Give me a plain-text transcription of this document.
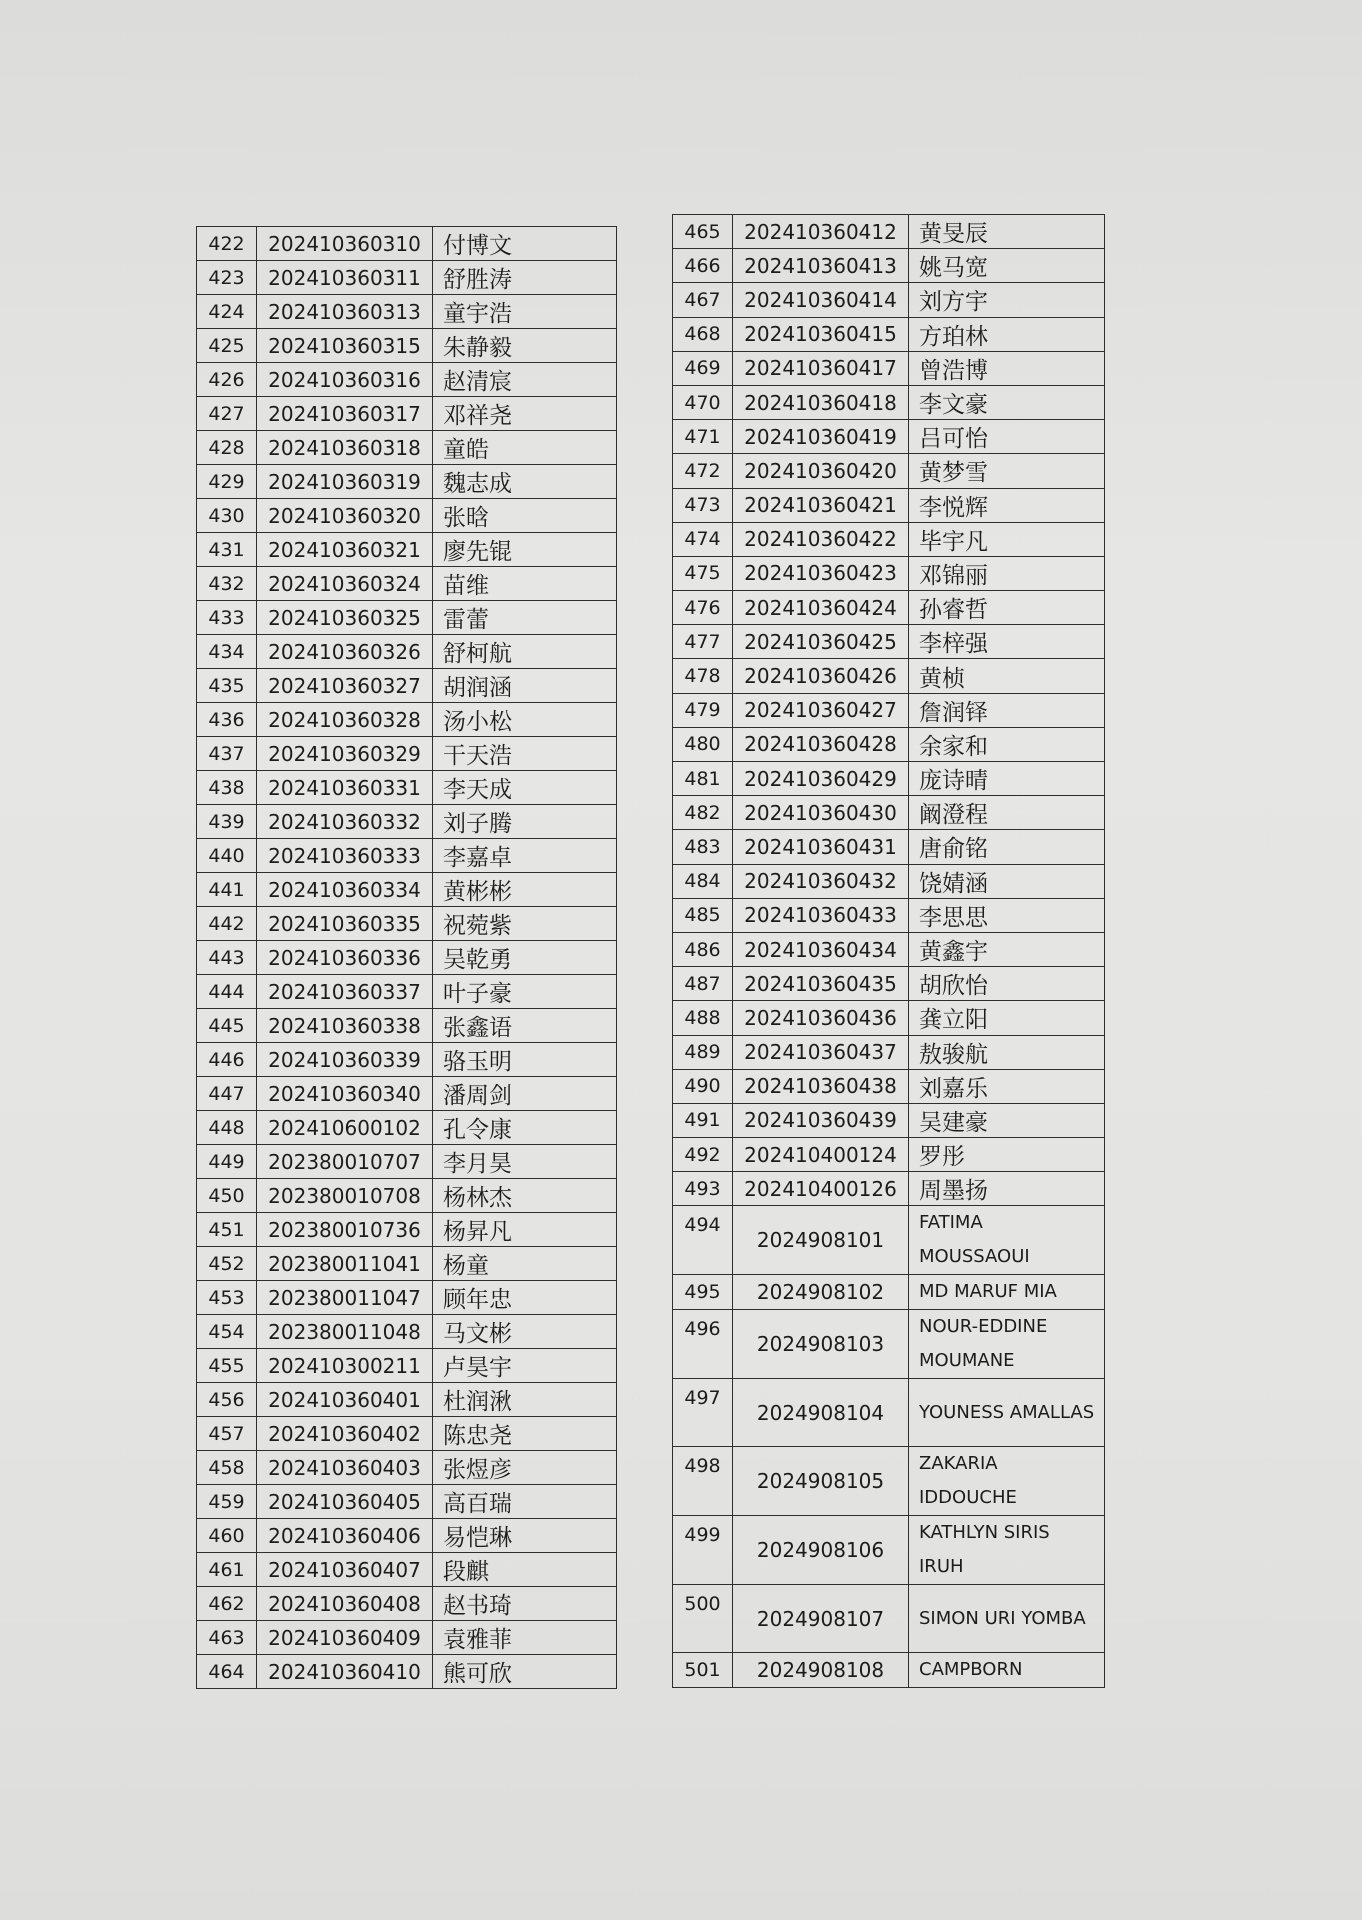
422	202410360310	付博文
423	202410360311	舒胜涛
424	202410360313	童宇浩
425	202410360315	朱静毅
426	202410360316	赵清宸
427	202410360317	邓祥尧
428	202410360318	童皓
429	202410360319	魏志成
430	202410360320	张晗
431	202410360321	廖先锟
432	202410360324	苗维
433	202410360325	雷蕾
434	202410360326	舒柯航
435	202410360327	胡润涵
436	202410360328	汤小松
437	202410360329	干天浩
438	202410360331	李天成
439	202410360332	刘子腾
440	202410360333	李嘉卓
441	202410360334	黄彬彬
442	202410360335	祝菀紫
443	202410360336	吴乾勇
444	202410360337	叶子豪
445	202410360338	张鑫语
446	202410360339	骆玉明
447	202410360340	潘周剑
448	202410600102	孔令康
449	202380010707	李月昊
450	202380010708	杨林杰
451	202380010736	杨昇凡
452	202380011041	杨童
453	202380011047	顾年忠
454	202380011048	马文彬
455	202410300211	卢昊宇
456	202410360401	杜润湫
457	202410360402	陈忠尧
458	202410360403	张煜彦
459	202410360405	高百瑞
460	202410360406	易恺琳
461	202410360407	段麒
462	202410360408	赵书琦
463	202410360409	袁雅菲
464	202410360410	熊可欣
465	202410360412	黄旻辰
466	202410360413	姚马宽
467	202410360414	刘方宇
468	202410360415	方珀林
469	202410360417	曾浩博
470	202410360418	李文豪
471	202410360419	吕可怡
472	202410360420	黄梦雪
473	202410360421	李悦辉
474	202410360422	毕宇凡
475	202410360423	邓锦丽
476	202410360424	孙睿哲
477	202410360425	李梓强
478	202410360426	黄桢
479	202410360427	詹润铎
480	202410360428	余家和
481	202410360429	庞诗晴
482	202410360430	阚澄程
483	202410360431	唐俞铭
484	202410360432	饶婧涵
485	202410360433	李思思
486	202410360434	黄鑫宇
487	202410360435	胡欣怡
488	202410360436	龚立阳
489	202410360437	敖骏航
490	202410360438	刘嘉乐
491	202410360439	吴建豪
492	202410400124	罗彤
493	202410400126	周墨扬
494	2024908101	FATIMA MOUSSAOUI
495	2024908102	MD MARUF MIA
496	2024908103	NOUR-EDDINE MOUMANE
497	2024908104	YOUNESS AMALLAS
498	2024908105	ZAKARIA IDDOUCHE
499	2024908106	KATHLYN SIRIS IRUH
500	2024908107	SIMON URI YOMBA
501	2024908108	CAMPBORN
